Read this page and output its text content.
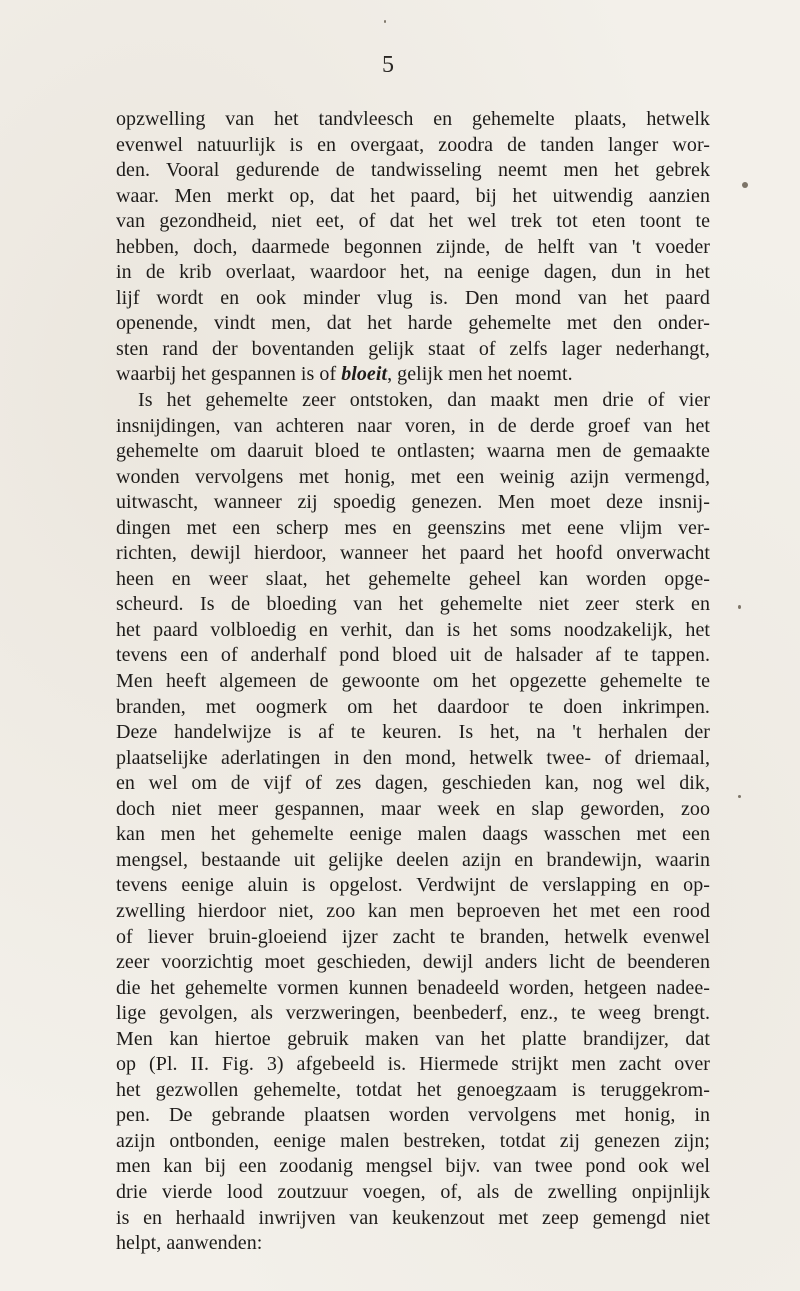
5

opzwelling van het tandvleesch en gehemelte plaats, hetwelk
evenwel natuurlijk is en overgaat, zoodra de tanden langer wor-
den. Vooral gedurende de tandwisseling neemt men het gebrek
waar. Men merkt op, dat het paard, bij het uitwendig aanzien
van gezondheid, niet eet, of dat het wel trek tot eten toont te
hebben, doch, daarmede begonnen zijnde, de helft van 't voeder
in de krib overlaat, waardoor het, na eenige dagen, dun in het
lijf wordt en ook minder vlug is. Den mond van het paard
openende, vindt men, dat het harde gehemelte met den onder-
sten rand der boventanden gelijk staat of zelfs lager nederhangt,
waarbij het gespannen is of bloeit, gelijk men het noemt.
Is het gehemelte zeer ontstoken, dan maakt men drie of vier
insnijdingen, van achteren naar voren, in de derde groef van het
gehemelte om daaruit bloed te ontlasten; waarna men de gemaakte
wonden vervolgens met honig, met een weinig azijn vermengd,
uitwascht, wanneer zij spoedig genezen. Men moet deze insnij-
dingen met een scherp mes en geenszins met eene vlijm ver-
richten, dewijl hierdoor, wanneer het paard het hoofd onverwacht
heen en weer slaat, het gehemelte geheel kan worden opge-
scheurd. Is de bloeding van het gehemelte niet zeer sterk en
het paard volbloedig en verhit, dan is het soms noodzakelijk, het
tevens een of anderhalf pond bloed uit de halsader af te tappen.
Men heeft algemeen de gewoonte om het opgezette gehemelte te
branden, met oogmerk om het daardoor te doen inkrimpen.
Deze handelwijze is af te keuren. Is het, na 't herhalen der
plaatselijke aderlatingen in den mond, hetwelk twee- of driemaal,
en wel om de vijf of zes dagen, geschieden kan, nog wel dik,
doch niet meer gespannen, maar week en slap geworden, zoo
kan men het gehemelte eenige malen daags wasschen met een
mengsel, bestaande uit gelijke deelen azijn en brandewijn, waarin
tevens eenige aluin is opgelost. Verdwijnt de verslapping en op-
zwelling hierdoor niet, zoo kan men beproeven het met een rood
of liever bruin-gloeiend ijzer zacht te branden, hetwelk evenwel
zeer voorzichtig moet geschieden, dewijl anders licht de beenderen
die het gehemelte vormen kunnen benadeeld worden, hetgeen nadee-
lige gevolgen, als verzweringen, beenbederf, enz., te weeg brengt.
Men kan hiertoe gebruik maken van het platte brandijzer, dat
op (Pl. II. Fig. 3) afgebeeld is. Hiermede strijkt men zacht over
het gezwollen gehemelte, totdat het genoegzaam is teruggekrom-
pen. De gebrande plaatsen worden vervolgens met honig, in
azijn ontbonden, eenige malen bestreken, totdat zij genezen zijn;
men kan bij een zoodanig mengsel bijv. van twee pond ook wel
drie vierde lood zoutzuur voegen, of, als de zwelling onpijnlijk
is en herhaald inwrijven van keukenzout met zeep gemengd niet
helpt, aanwenden:
